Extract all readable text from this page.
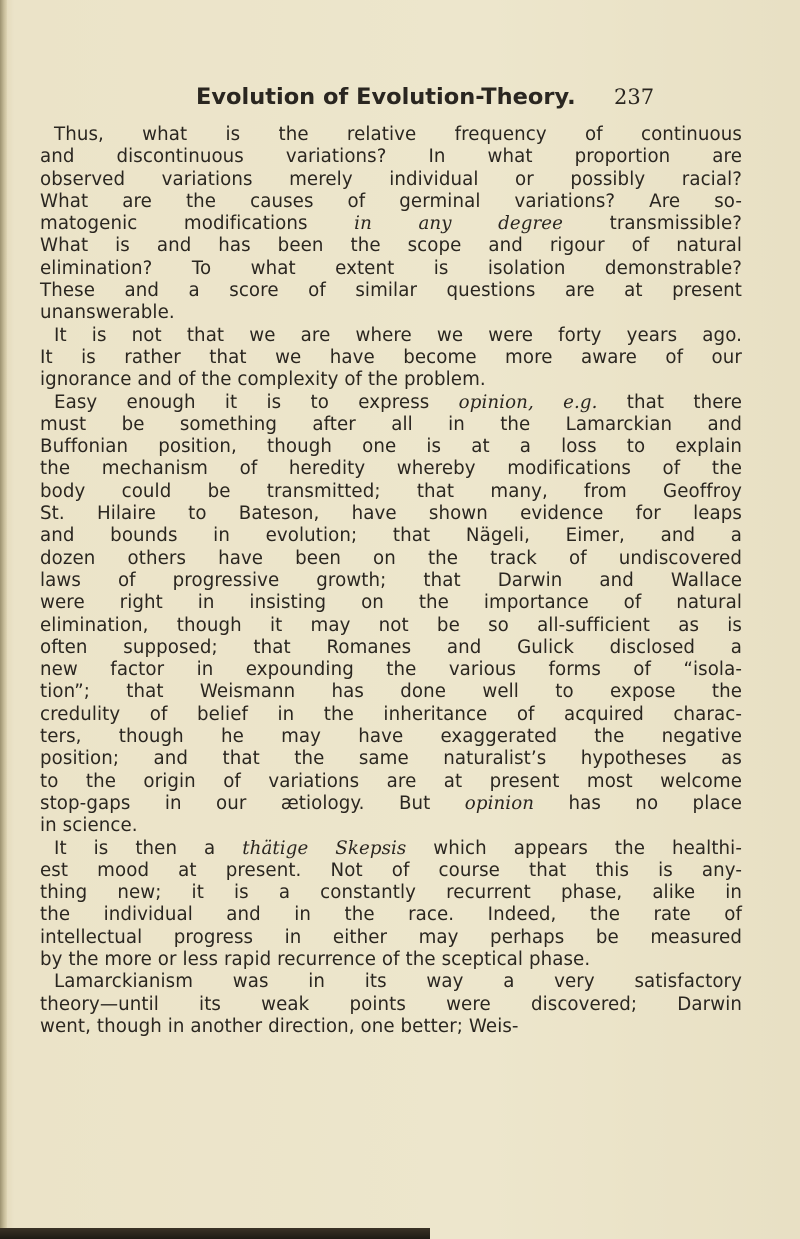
Evolution of Evolution-Theory. 237
Thus, what is the relative frequency of continuous
and discontinuous variations? In what proportion are
observed variations merely individual or possibly racial?
What are the causes of germinal variations? Are so-
matogenic modifications in any degree transmissible?
What is and has been the scope and rigour of natural
elimination? To what extent is isolation demonstrable?
These and a score of similar questions are at present
unanswerable.
It is not that we are where we were forty years ago.
It is rather that we have become more aware of our
ignorance and of the complexity of the problem.
Easy enough it is to express opinion, e.g. that there
must be something after all in the Lamarckian and
Buffonian position, though one is at a loss to explain
the mechanism of heredity whereby modifications of the
body could be transmitted; that many, from Geoffroy
St. Hilaire to Bateson, have shown evidence for leaps
and bounds in evolution; that Nägeli, Eimer, and a
dozen others have been on the track of undiscovered
laws of progressive growth; that Darwin and Wallace
were right in insisting on the importance of natural
elimination, though it may not be so all-sufficient as is
often supposed; that Romanes and Gulick disclosed a
new factor in expounding the various forms of “isola-
tion”; that Weismann has done well to expose the
credulity of belief in the inheritance of acquired charac-
ters, though he may have exaggerated the negative
position; and that the same naturalist’s hypotheses as
to the origin of variations are at present most welcome
stop-gaps in our ætiology. But opinion has no place
in science.
It is then a thätige Skepsis which appears the healthi-
est mood at present. Not of course that this is any-
thing new; it is a constantly recurrent phase, alike in
the individual and in the race. Indeed, the rate of
intellectual progress in either may perhaps be measured
by the more or less rapid recurrence of the sceptical phase.
Lamarckianism was in its way a very satisfactory
theory—until its weak points were discovered; Darwin
went, though in another direction, one better; Weis-
